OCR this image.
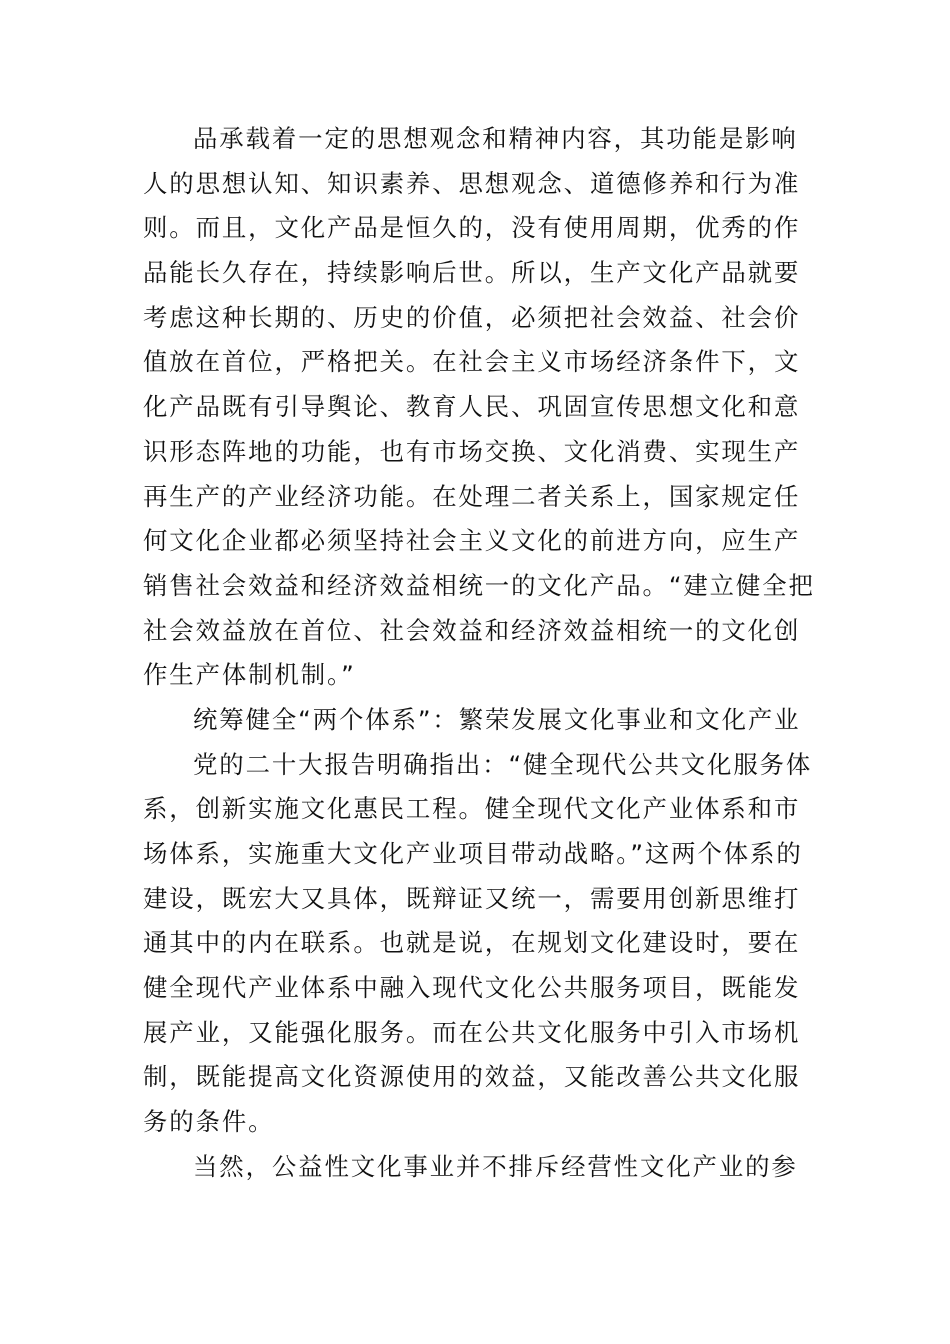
品承载着一定的思想观念和精神内容，其功能是影响
人的思想认知、知识素养、思想观念、道德修养和行为准
则。而且，文化产品是恒久的，没有使用周期，优秀的作
品能长久存在，持续影响后世。所以，生产文化产品就要
考虑这种长期的、历史的价值，必须把社会效益、社会价
值放在首位，严格把关。在社会主义市场经济条件下，文
化产品既有引导舆论、教育人民、巩固宣传思想文化和意
识形态阵地的功能，也有市场交换、文化消费、实现生产
再生产的产业经济功能。在处理二者关系上，国家规定任
何文化企业都必须坚持社会主义文化的前进方向，应生产
销售社会效益和经济效益相统一的文化产品。“建立健全把
社会效益放在首位、社会效益和经济效益相统一的文化创
作生产体制机制。”
统筹健全“两个体系”：繁荣发展文化事业和文化产业
党的二十大报告明确指出：“健全现代公共文化服务体
系，创新实施文化惠民工程。健全现代文化产业体系和市
场体系，实施重大文化产业项目带动战略。”这两个体系的
建设，既宏大又具体，既辩证又统一，需要用创新思维打
通其中的内在联系。也就是说，在规划文化建设时，要在
健全现代产业体系中融入现代文化公共服务项目，既能发
展产业，又能强化服务。而在公共文化服务中引入市场机
制，既能提高文化资源使用的效益，又能改善公共文化服
务的条件。
当然，公益性文化事业并不排斥经营性文化产业的参
